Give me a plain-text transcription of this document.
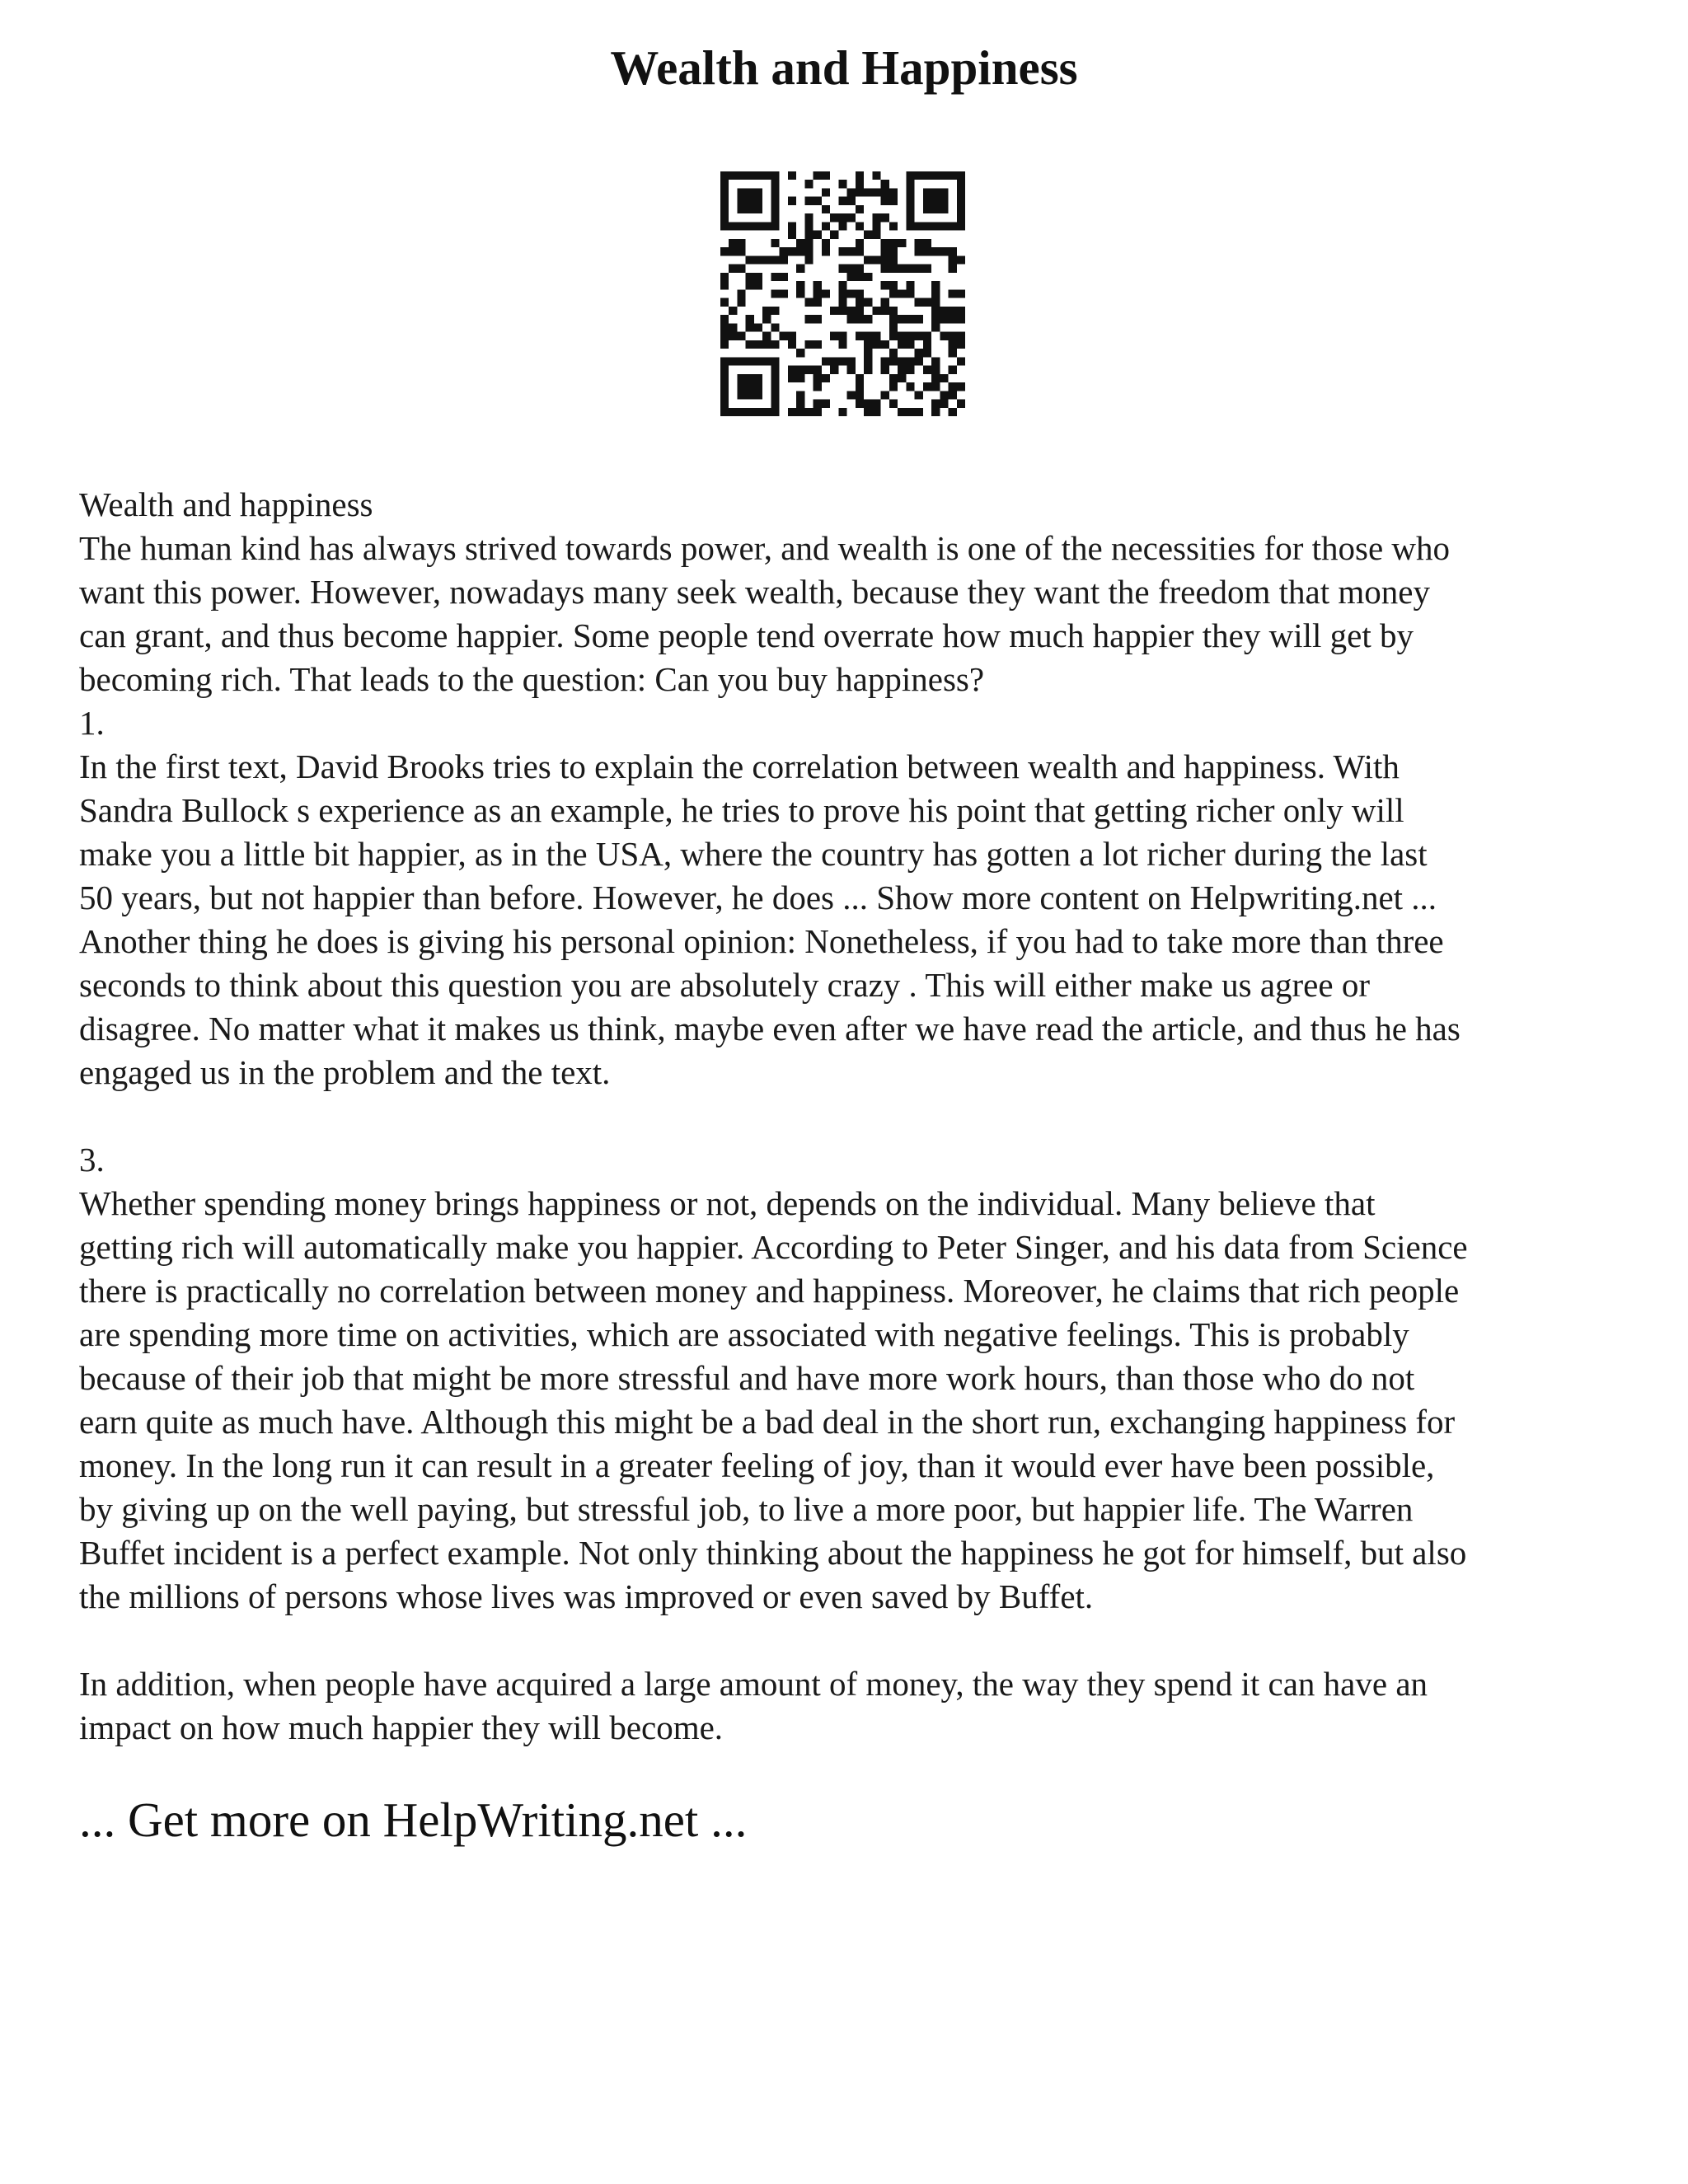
Wealth and Happiness
Wealth and happiness
The human kind has always strived towards power, and wealth is one of the necessities for those who
want this power. However, nowadays many seek wealth, because they want the freedom that money
can grant, and thus become happier. Some people tend overrate how much happier they will get by
becoming rich. That leads to the question: Can you buy happiness?
1.
In the first text, David Brooks tries to explain the correlation between wealth and happiness. With
Sandra Bullock s experience as an example, he tries to prove his point that getting richer only will
make you a little bit happier, as in the USA, where the country has gotten a lot richer during the last
50 years, but not happier than before. However, he does ... Show more content on Helpwriting.net ...
Another thing he does is giving his personal opinion: Nonetheless, if you had to take more than three
seconds to think about this question you are absolutely crazy . This will either make us agree or
disagree. No matter what it makes us think, maybe even after we have read the article, and thus he has
engaged us in the problem and the text.
3.
Whether spending money brings happiness or not, depends on the individual. Many believe that
getting rich will automatically make you happier. According to Peter Singer, and his data from Science
there is practically no correlation between money and happiness. Moreover, he claims that rich people
are spending more time on activities, which are associated with negative feelings. This is probably
because of their job that might be more stressful and have more work hours, than those who do not
earn quite as much have. Although this might be a bad deal in the short run, exchanging happiness for
money. In the long run it can result in a greater feeling of joy, than it would ever have been possible,
by giving up on the well paying, but stressful job, to live a more poor, but happier life. The Warren
Buffet incident is a perfect example. Not only thinking about the happiness he got for himself, but also
the millions of persons whose lives was improved or even saved by Buffet.
In addition, when people have acquired a large amount of money, the way they spend it can have an
impact on how much happier they will become.

... Get more on HelpWriting.net ...
